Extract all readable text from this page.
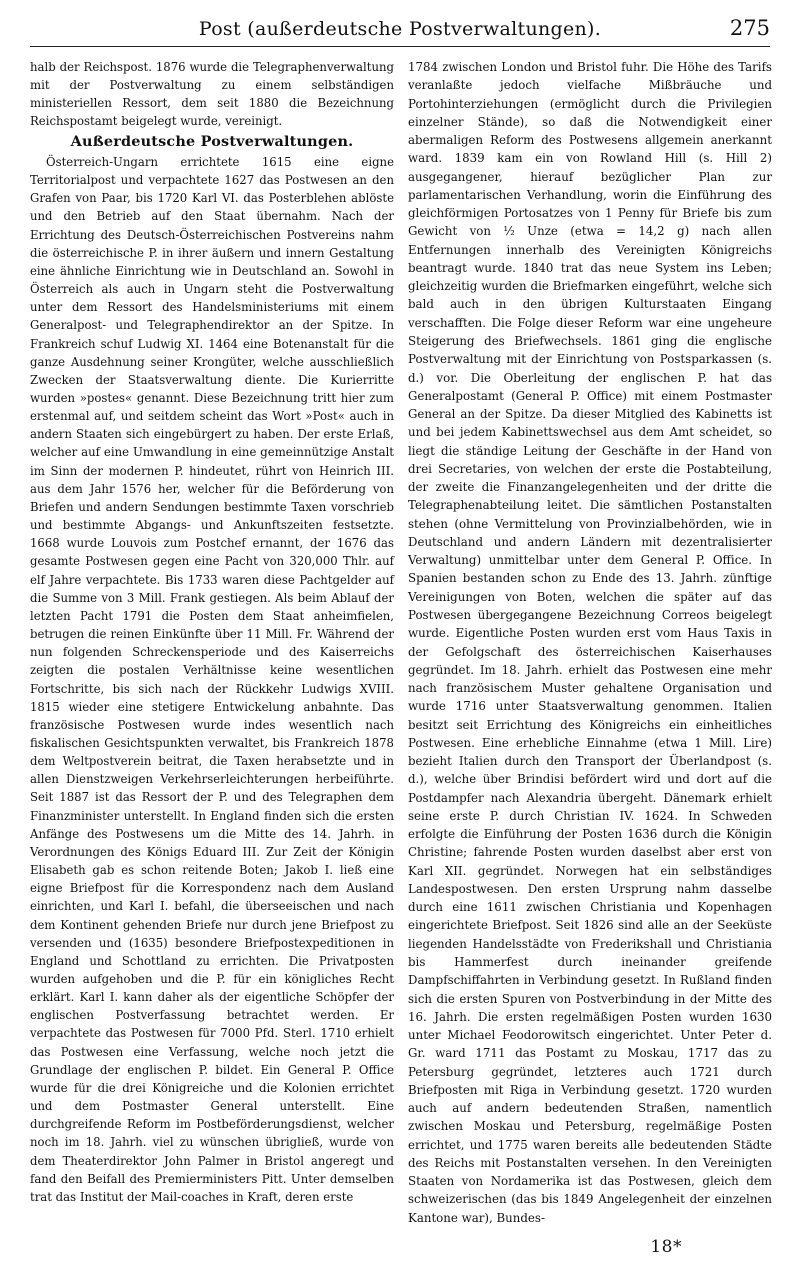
Post (außerdeutsche Postverwaltungen).	275

halb der Reichspost. 1876 wurde die Telegraphenverwaltung mit der Postverwaltung zu einem selbständigen ministeriellen Ressort, dem seit 1880 die Bezeichnung Reichspostamt beigelegt wurde, vereinigt.

Außerdeutsche Postverwaltungen.

Österreich-Ungarn errichtete 1615 eine eigne Territorialpost und verpachtete 1627 das Postwesen an den Grafen von Paar, bis 1720 Karl VI. das Posterblehen ablöste und den Betrieb auf den Staat übernahm. Nach der Errichtung des Deutsch-Österreichischen Postvereins nahm die österreichische P. in ihrer äußern und innern Gestaltung eine ähnliche Einrichtung wie in Deutschland an. Sowohl in Österreich als auch in Ungarn steht die Postverwaltung unter dem Ressort des Handelsministeriums mit einem Generalpost- und Telegraphendirektor an der Spitze. In Frankreich schuf Ludwig XI. 1464 eine Botenanstalt für die ganze Ausdehnung seiner Krongüter, welche ausschließlich Zwecken der Staatsverwaltung diente. Die Kurierritte wurden »postes« genannt. Diese Bezeichnung tritt hier zum erstenmal auf, und seitdem scheint das Wort »Post« auch in andern Staaten sich eingebürgert zu haben. Der erste Erlaß, welcher auf eine Umwandlung in eine gemeinnützige Anstalt im Sinn der modernen P. hindeutet, rührt von Heinrich III. aus dem Jahr 1576 her, welcher für die Beförderung von Briefen und andern Sendungen bestimmte Taxen vorschrieb und bestimmte Abgangs- und Ankunftszeiten festsetzte. 1668 wurde Louvois zum Postchef ernannt, der 1676 das gesamte Postwesen gegen eine Pacht von 320,000 Thlr. auf elf Jahre verpachtete. Bis 1733 waren diese Pachtgelder auf die Summe von 3 Mill. Frank gestiegen. Als beim Ablauf der letzten Pacht 1791 die Posten dem Staat anheimfielen, betrugen die reinen Einkünfte über 11 Mill. Fr. Während der nun folgenden Schreckensperiode und des Kaiserreichs zeigten die postalen Verhältnisse keine wesentlichen Fortschritte, bis sich nach der Rückkehr Ludwigs XVIII. 1815 wieder eine stetigere Entwickelung anbahnte. Das französische Postwesen wurde indes wesentlich nach fiskalischen Gesichtspunkten verwaltet, bis Frankreich 1878 dem Weltpostverein beitrat, die Taxen herabsetzte und in allen Dienstzweigen Verkehrserleichterungen herbeiführte. Seit 1887 ist das Ressort der P. und des Telegraphen dem Finanzminister unterstellt. In England finden sich die ersten Anfänge des Postwesens um die Mitte des 14. Jahrh. in Verordnungen des Königs Eduard III. Zur Zeit der Königin Elisabeth gab es schon reitende Boten; Jakob I. ließ eine eigne Briefpost für die Korrespondenz nach dem Ausland einrichten, und Karl I. befahl, die überseeischen und nach dem Kontinent gehenden Briefe nur durch jene Briefpost zu versenden und (1635) besondere Briefpostexpeditionen in England und Schottland zu errichten. Die Privatposten wurden aufgehoben und die P. für ein königliches Recht erklärt. Karl I. kann daher als der eigentliche Schöpfer der englischen Postverfassung betrachtet werden. Er verpachtete das Postwesen für 7000 Pfd. Sterl. 1710 erhielt das Postwesen eine Verfassung, welche noch jetzt die Grundlage der englischen P. bildet. Ein General P. Office wurde für die drei Königreiche und die Kolonien errichtet und dem Postmaster General unterstellt. Eine durchgreifende Reform im Postbeförderungsdienst, welcher noch im 18. Jahrh. viel zu wünschen übrigließ, wurde von dem Theaterdirektor John Palmer in Bristol angeregt und fand den Beifall des Premierministers Pitt. Unter demselben trat das Institut der Mail-coaches in Kraft, deren erste

1784 zwischen London und Bristol fuhr. Die Höhe des Tarifs veranlaßte jedoch vielfache Mißbräuche und Portohinterziehungen (ermöglicht durch die Privilegien einzelner Stände), so daß die Notwendigkeit einer abermaligen Reform des Postwesens allgemein anerkannt ward. 1839 kam ein von Rowland Hill (s. Hill 2) ausgegangener, hierauf bezüglicher Plan zur parlamentarischen Verhandlung, worin die Einführung des gleichförmigen Portosatzes von 1 Penny für Briefe bis zum Gewicht von ½ Unze (etwa = 14,2 g) nach allen Entfernungen innerhalb des Vereinigten Königreichs beantragt wurde. 1840 trat das neue System ins Leben; gleichzeitig wurden die Briefmarken eingeführt, welche sich bald auch in den übrigen Kulturstaaten Eingang verschafften. Die Folge dieser Reform war eine ungeheure Steigerung des Briefwechsels. 1861 ging die englische Postverwaltung mit der Einrichtung von Postsparkassen (s. d.) vor. Die Oberleitung der englischen P. hat das Generalpostamt (General P. Office) mit einem Postmaster General an der Spitze. Da dieser Mitglied des Kabinetts ist und bei jedem Kabinettswechsel aus dem Amt scheidet, so liegt die ständige Leitung der Geschäfte in der Hand von drei Secretaries, von welchen der erste die Postabteilung, der zweite die Finanzangelegenheiten und der dritte die Telegraphenabteilung leitet. Die sämtlichen Postanstalten stehen (ohne Vermittelung von Provinzialbehörden, wie in Deutschland und andern Ländern mit dezentralisierter Verwaltung) unmittelbar unter dem General P. Office. In Spanien bestanden schon zu Ende des 13. Jahrh. zünftige Vereinigungen von Boten, welchen die später auf das Postwesen übergegangene Bezeichnung Correos beigelegt wurde. Eigentliche Posten wurden erst vom Haus Taxis in der Gefolgschaft des österreichischen Kaiserhauses gegründet. Im 18. Jahrh. erhielt das Postwesen eine mehr nach französischem Muster gehaltene Organisation und wurde 1716 unter Staatsverwaltung genommen. Italien besitzt seit Errichtung des Königreichs ein einheitliches Postwesen. Eine erhebliche Einnahme (etwa 1 Mill. Lire) bezieht Italien durch den Transport der Überlandpost (s. d.), welche über Brindisi befördert wird und dort auf die Postdampfer nach Alexandria übergeht. Dänemark erhielt seine erste P. durch Christian IV. 1624. In Schweden erfolgte die Einführung der Posten 1636 durch die Königin Christine; fahrende Posten wurden daselbst aber erst von Karl XII. gegründet. Norwegen hat ein selbständiges Landespostwesen. Den ersten Ursprung nahm dasselbe durch eine 1611 zwischen Christiania und Kopenhagen eingerichtete Briefpost. Seit 1826 sind alle an der Seeküste liegenden Handelsstädte von Frederikshall und Christiania bis Hammerfest durch ineinander greifende Dampfschiffahrten in Verbindung gesetzt. In Rußland finden sich die ersten Spuren von Postverbindung in der Mitte des 16. Jahrh. Die ersten regelmäßigen Posten wurden 1630 unter Michael Feodorowitsch eingerichtet. Unter Peter d. Gr. ward 1711 das Postamt zu Moskau, 1717 das zu Petersburg gegründet, letzteres auch 1721 durch Briefposten mit Riga in Verbindung gesetzt. 1720 wurden auch auf andern bedeutenden Straßen, namentlich zwischen Moskau und Petersburg, regelmäßige Posten errichtet, und 1775 waren bereits alle bedeutenden Städte des Reichs mit Postanstalten versehen. In den Vereinigten Staaten von Nordamerika ist das Postwesen, gleich dem schweizerischen (das bis 1849 Angelegenheit der einzelnen Kantone war), Bundes-

18*
